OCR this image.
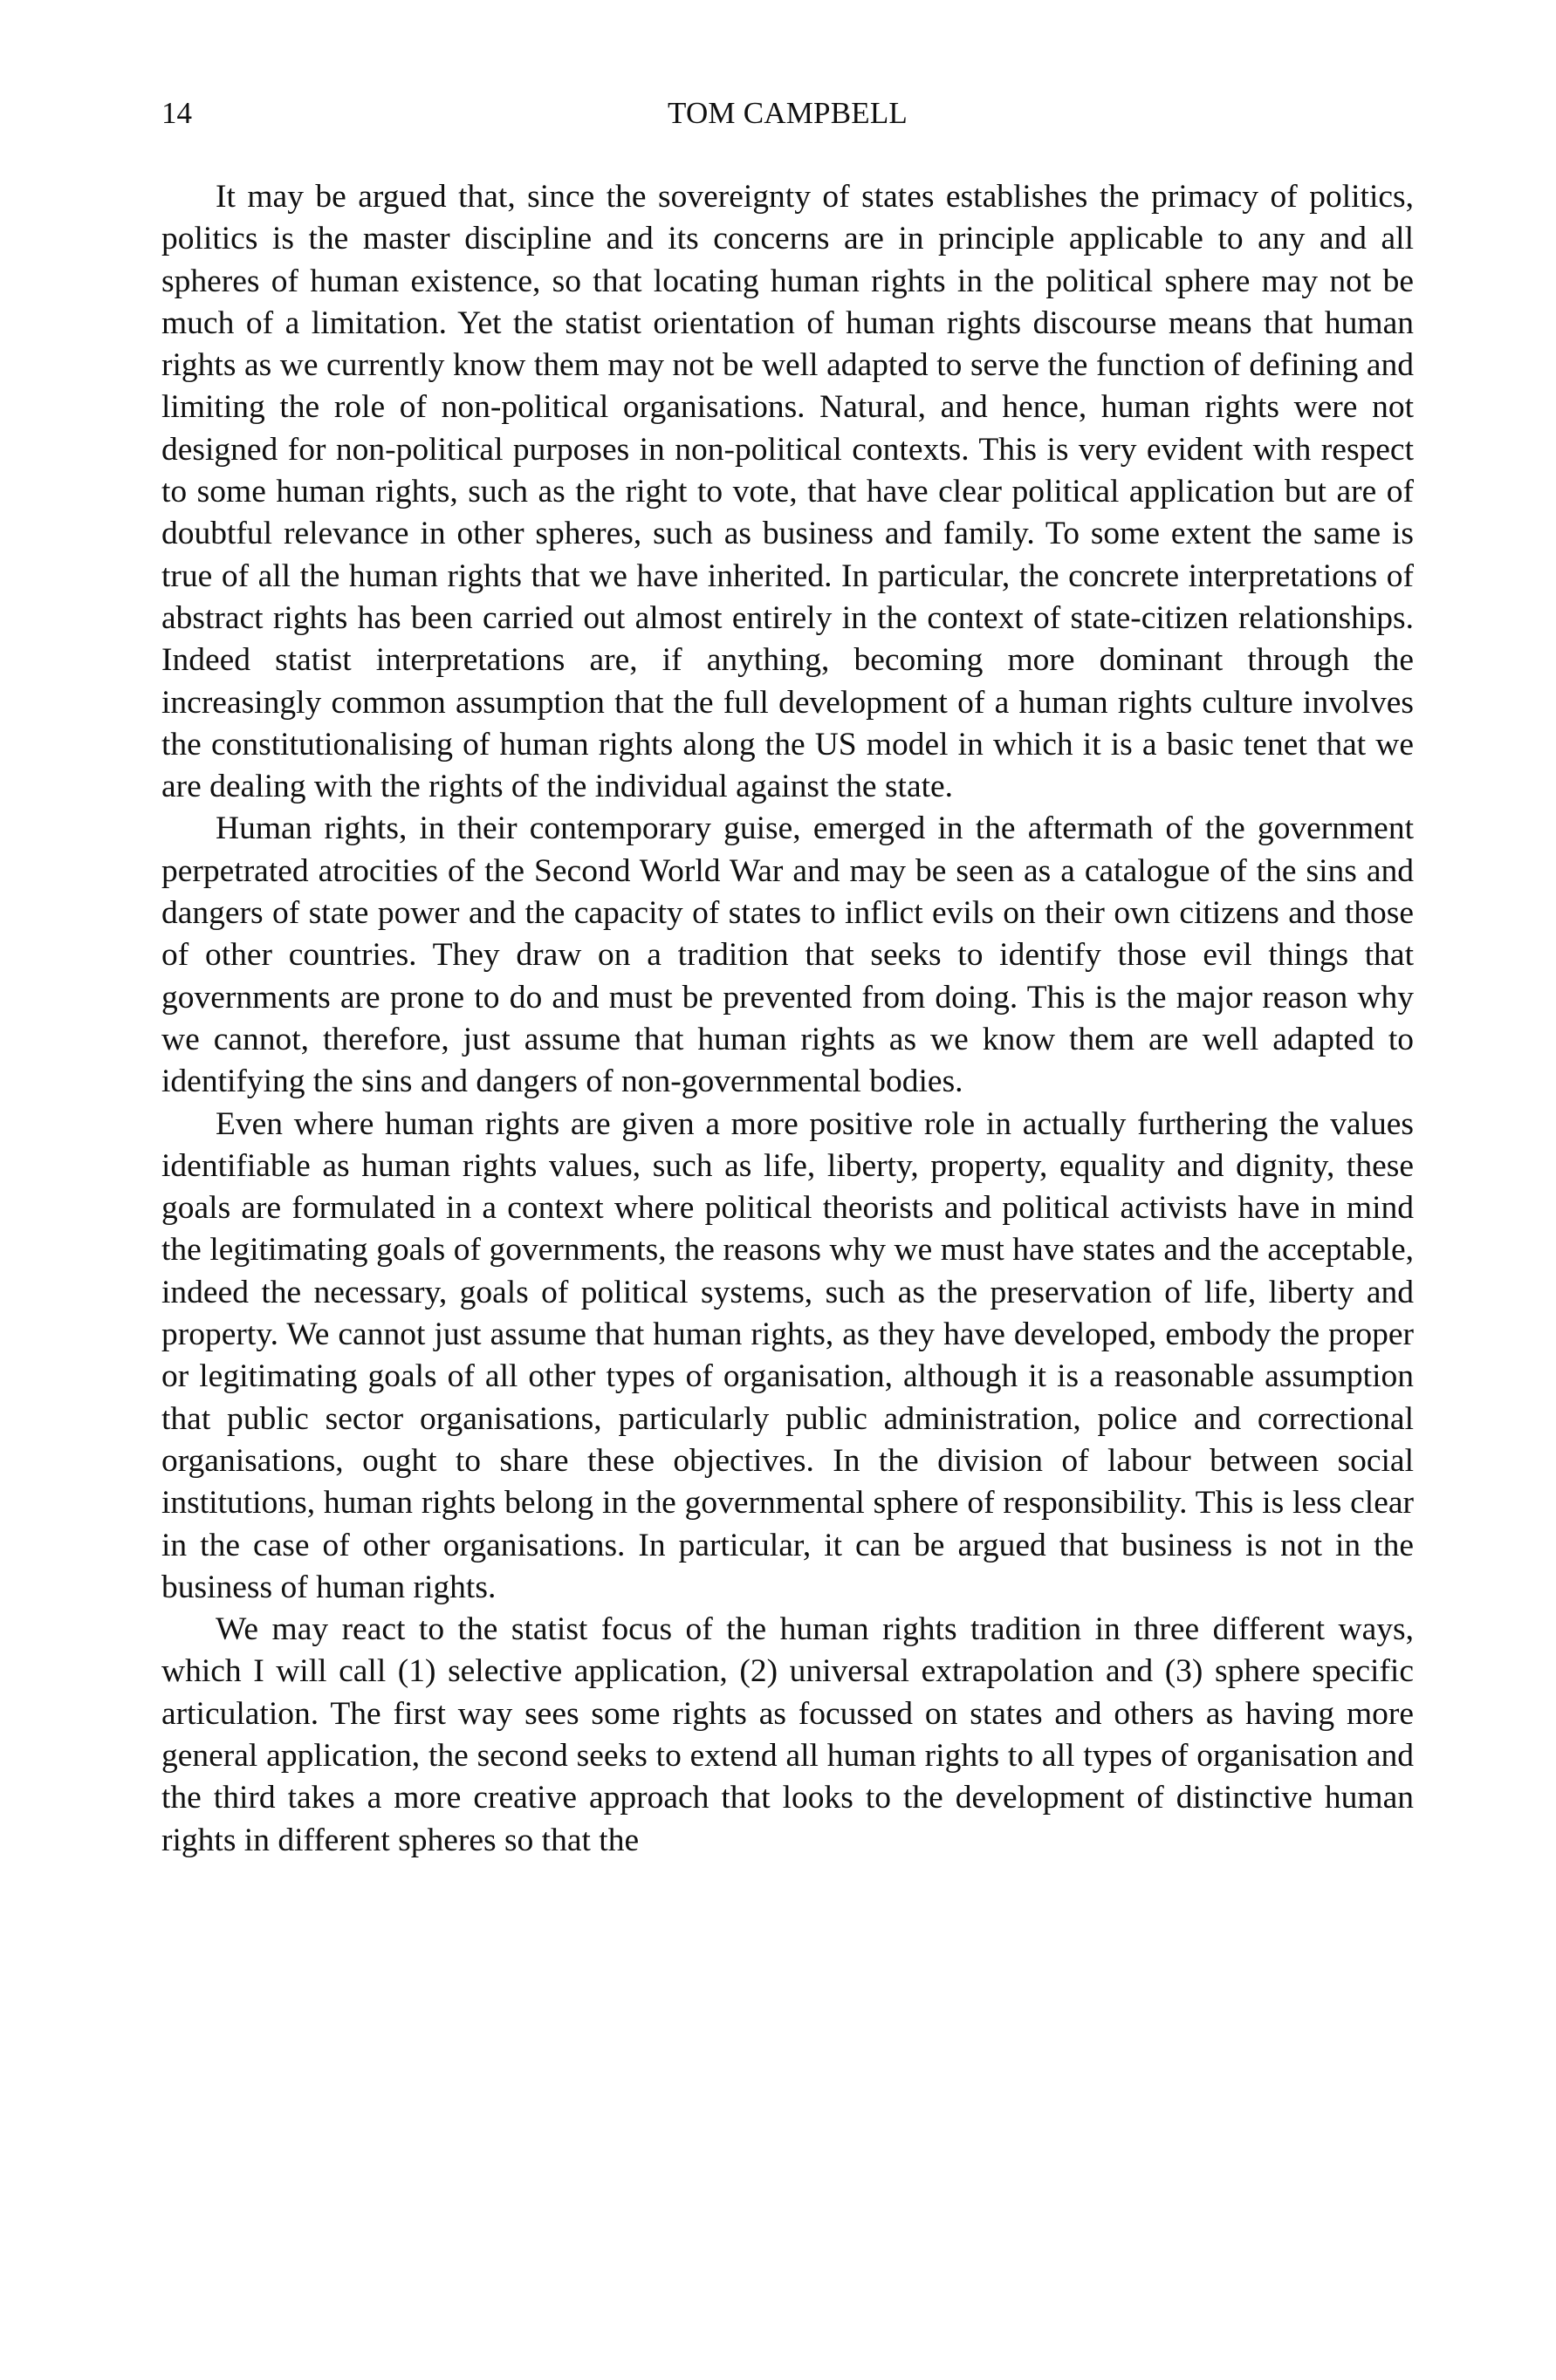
14	TOM CAMPBELL

It may be argued that, since the sovereignty of states establishes the primacy of politics, politics is the master discipline and its concerns are in principle applicable to any and all spheres of human existence, so that locating human rights in the political sphere may not be much of a limitation. Yet the statist orientation of human rights discourse means that human rights as we currently know them may not be well adapted to serve the function of defining and limiting the role of non-political organisations. Natural, and hence, human rights were not designed for non-political purposes in non-political contexts. This is very evident with respect to some human rights, such as the right to vote, that have clear political application but are of doubtful relevance in other spheres, such as business and family. To some extent the same is true of all the human rights that we have inherited. In particular, the concrete interpretations of abstract rights has been carried out almost entirely in the context of state-citizen relationships. Indeed statist interpretations are, if anything, becoming more dominant through the increasingly common assumption that the full development of a human rights culture involves the constitutionalising of human rights along the US model in which it is a basic tenet that we are dealing with the rights of the individual against the state.

Human rights, in their contemporary guise, emerged in the aftermath of the government perpetrated atrocities of the Second World War and may be seen as a catalogue of the sins and dangers of state power and the capacity of states to inflict evils on their own citizens and those of other countries. They draw on a tradition that seeks to identify those evil things that governments are prone to do and must be prevented from doing. This is the major reason why we cannot, therefore, just assume that human rights as we know them are well adapted to identifying the sins and dangers of non-governmental bodies.

Even where human rights are given a more positive role in actually furthering the values identifiable as human rights values, such as life, liberty, property, equality and dignity, these goals are formulated in a context where political theorists and political activists have in mind the legitimating goals of governments, the reasons why we must have states and the acceptable, indeed the necessary, goals of political systems, such as the preservation of life, liberty and property. We cannot just assume that human rights, as they have developed, embody the proper or legitimating goals of all other types of organisation, although it is a reasonable assumption that public sector organisations, particularly public administration, police and correctional organisations, ought to share these objectives. In the division of labour between social institutions, human rights belong in the governmental sphere of responsibility. This is less clear in the case of other organisations. In particular, it can be argued that business is not in the business of human rights.

We may react to the statist focus of the human rights tradition in three different ways, which I will call (1) selective application, (2) universal extrapolation and (3) sphere specific articulation. The first way sees some rights as focussed on states and others as having more general application, the second seeks to extend all human rights to all types of organisation and the third takes a more creative approach that looks to the development of distinctive human rights in different spheres so that the
